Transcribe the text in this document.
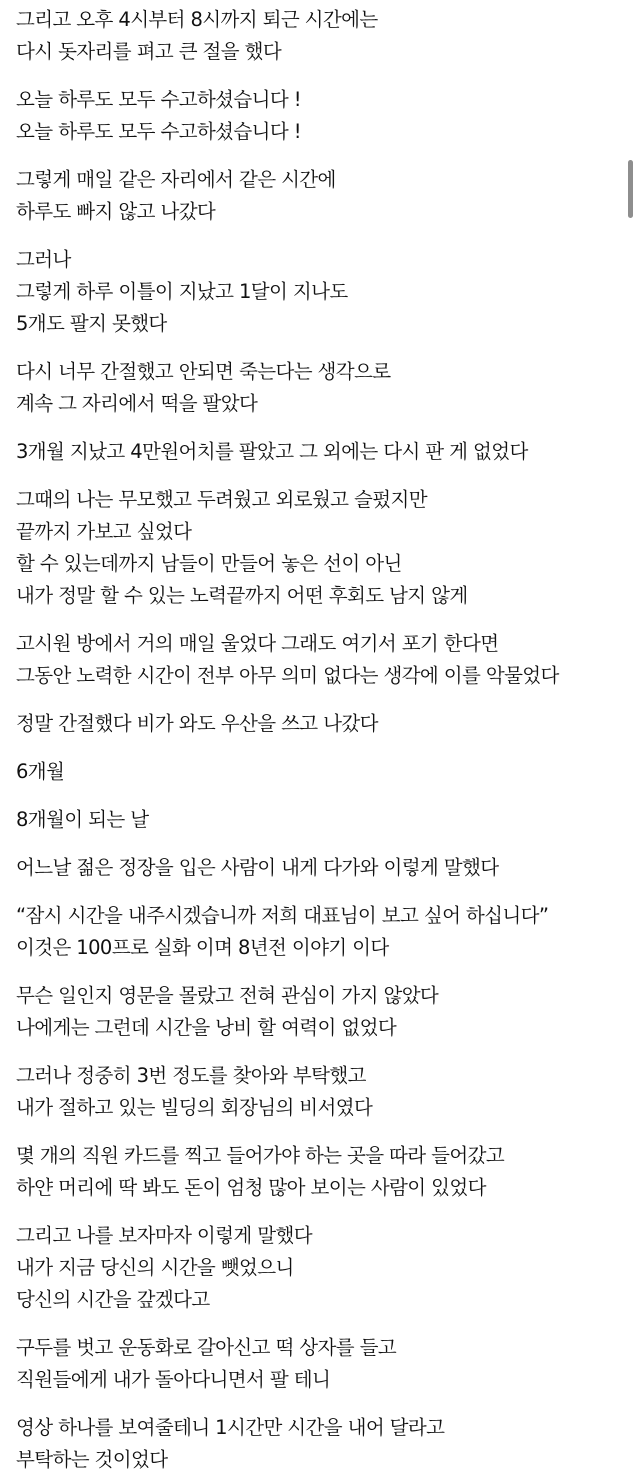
그리고 오후 4시부터 8시까지 퇴근 시간에는
다시 돗자리를 펴고 큰 절을 했다
오늘 하루도 모두 수고하셨습니다 !
오늘 하루도 모두 수고하셨습니다 !
그렇게 매일 같은 자리에서 같은 시간에
하루도 빠지 않고 나갔다
그러나
그렇게 하루 이틀이 지났고 1달이 지나도
5개도 팔지 못했다
다시 너무 간절했고 안되면 죽는다는 생각으로
계속 그 자리에서 떡을 팔았다
3개월 지났고 4만원어치를 팔았고 그 외에는 다시 판 게 없었다
그때의 나는 무모했고 두려웠고 외로웠고 슬펐지만
끝까지 가보고 싶었다
할 수 있는데까지 남들이 만들어 놓은 선이 아닌
내가 정말 할 수 있는 노력끝까지 어떤 후회도 남지 않게
고시원 방에서 거의 매일 울었다 그래도 여기서 포기 한다면
그동안 노력한 시간이 전부 아무 의미 없다는 생각에 이를 악물었다
정말 간절했다 비가 와도 우산을 쓰고 나갔다
6개월
8개월이 되는 날
어느날 젊은 정장을 입은 사람이 내게 다가와 이렇게 말했다
“잠시 시간을 내주시겠습니까 저희 대표님이 보고 싶어 하십니다”
이것은 100프로 실화 이며 8년전 이야기 이다
무슨 일인지 영문을 몰랐고 전혀 관심이 가지 않았다
나에게는 그런데 시간을 낭비 할 여력이 없었다
그러나 정중히 3번 정도를 찾아와 부탁했고
내가 절하고 있는 빌딩의 회장님의 비서였다
몇 개의 직원 카드를 찍고 들어가야 하는 곳을 따라 들어갔고
하얀 머리에 딱 봐도 돈이 엄청 많아 보이는 사람이 있었다
그리고 나를 보자마자 이렇게 말했다
내가 지금 당신의 시간을 뺏었으니
당신의 시간을 갚겠다고
구두를 벗고 운동화로 갈아신고 떡 상자를 들고
직원들에게 내가 돌아다니면서 팔 테니
영상 하나를 보여줄테니 1시간만 시간을 내어 달라고
부탁하는 것이었다
